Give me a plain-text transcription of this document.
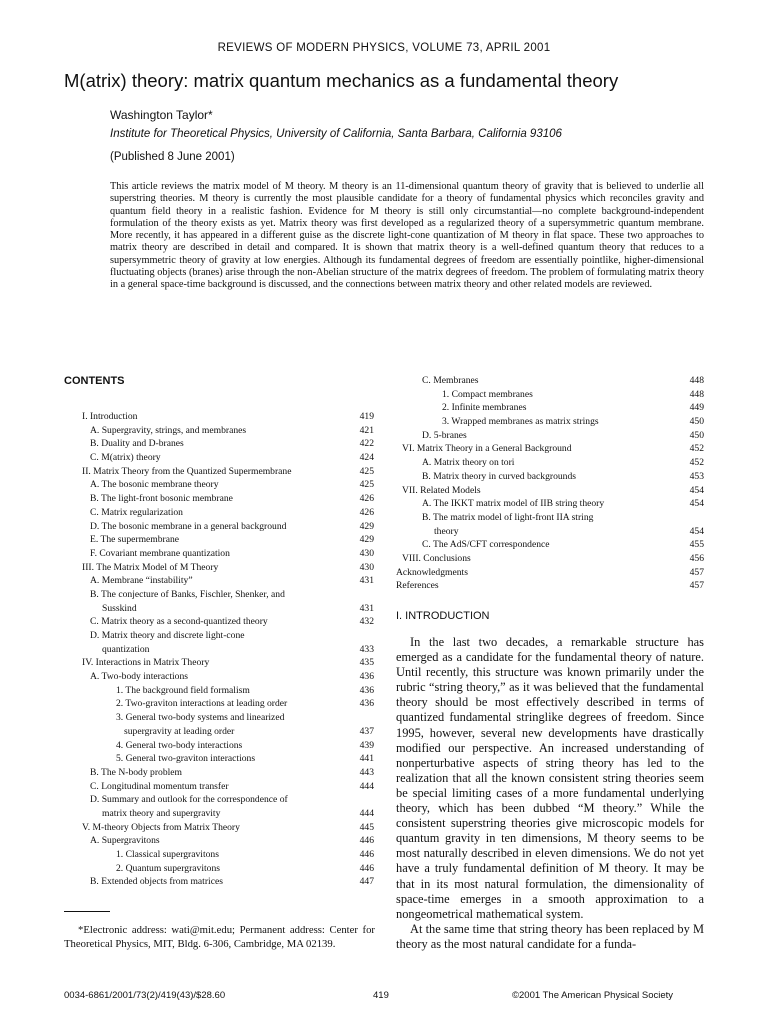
REVIEWS OF MODERN PHYSICS, VOLUME 73, APRIL 2001
M(atrix) theory: matrix quantum mechanics as a fundamental theory
Washington Taylor*
Institute for Theoretical Physics, University of California, Santa Barbara, California 93106
(Published 8 June 2001)
This article reviews the matrix model of M theory. M theory is an 11-dimensional quantum theory of gravity that is believed to underlie all superstring theories. M theory is currently the most plausible candidate for a theory of fundamental physics which reconciles gravity and quantum field theory in a realistic fashion. Evidence for M theory is still only circumstantial—no complete background-independent formulation of the theory exists as yet. Matrix theory was first developed as a regularized theory of a supersymmetric quantum membrane. More recently, it has appeared in a different guise as the discrete light-cone quantization of M theory in flat space. These two approaches to matrix theory are described in detail and compared. It is shown that matrix theory is a well-defined quantum theory that reduces to a supersymmetric theory of gravity at low energies. Although its fundamental degrees of freedom are essentially pointlike, higher-dimensional fluctuating objects (branes) arise through the non-Abelian structure of the matrix degrees of freedom. The problem of formulating matrix theory in a general space-time background is discussed, and the connections between matrix theory and other related models are reviewed.
CONTENTS
I. Introduction	419
A. Supergravity, strings, and membranes	421
B. Duality and D-branes	422
C. M(atrix) theory	424
II. Matrix Theory from the Quantized Supermembrane	425
A. The bosonic membrane theory	425
B. The light-front bosonic membrane	426
C. Matrix regularization	426
D. The bosonic membrane in a general background	429
E. The supermembrane	429
F. Covariant membrane quantization	430
III. The Matrix Model of M Theory	430
A. Membrane “instability”	431
B. The conjecture of Banks, Fischler, Shenker, and
Susskind	431
C. Matrix theory as a second-quantized theory	432
D. Matrix theory and discrete light-cone
quantization	433
IV. Interactions in Matrix Theory	435
A. Two-body interactions	436
1. The background field formalism	436
2. Two-graviton interactions at leading order	436
3. General two-body systems and linearized
supergravity at leading order	437
4. General two-body interactions	439
5. General two-graviton interactions	441
B. The N-body problem	443
C. Longitudinal momentum transfer	444
D. Summary and outlook for the correspondence of
matrix theory and supergravity	444
V. M-theory Objects from Matrix Theory	445
A. Supergravitons	446
1. Classical supergravitons	446
2. Quantum supergravitons	446
B. Extended objects from matrices	447
C. Membranes	448
1. Compact membranes	448
2. Infinite membranes	449
3. Wrapped membranes as matrix strings	450
D. 5-branes	450
VI. Matrix Theory in a General Background	452
A. Matrix theory on tori	452
B. Matrix theory in curved backgrounds	453
VII. Related Models	454
A. The IKKT matrix model of IIB string theory	454
B. The matrix model of light-front IIA string
theory	454
C. The AdS/CFT correspondence	455
VIII. Conclusions	456
Acknowledgments	457
References	457
I. INTRODUCTION

In the last two decades, a remarkable structure has emerged as a candidate for the fundamental theory of nature. Until recently, this structure was known primarily under the rubric “string theory,” as it was believed that the fundamental theory should be most effectively described in terms of quantized fundamental stringlike degrees of freedom. Since 1995, however, several new developments have drastically modified our perspective. An increased understanding of nonperturbative aspects of string theory has led to the realization that all the known consistent string theories seem be special limiting cases of a more fundamental underlying theory, which has been dubbed “M theory.” While the consistent superstring theories give microscopic models for quantum gravity in ten dimensions, M theory seems to be most naturally described in eleven dimensions. We do not yet have a truly fundamental definition of M theory. It may be that in its most natural formulation, the dimensionality of space-time emerges in a smooth approximation to a nongeometrical mathematical system.

At the same time that string theory has been replaced by M theory as the most natural candidate for a funda-

*Electronic address: wati@mit.edu; Permanent address: Center for Theoretical Physics, MIT, Bldg. 6-306, Cambridge, MA 02139.
0034-6861/2001/73(2)/419(43)/$28.60	419	©2001 The American Physical Society
